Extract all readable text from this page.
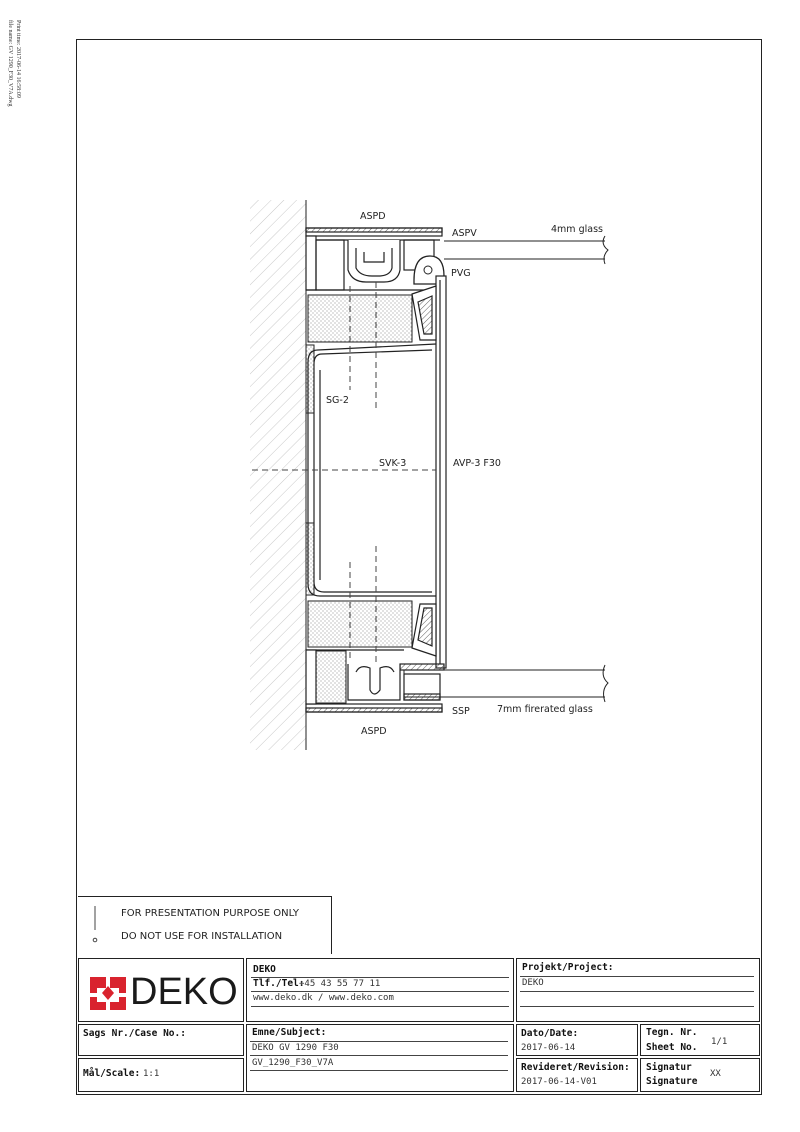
Print time: 2017-06-14 16:58:09
file name: GV 1290_F30_V7A.dwg
ASPD
ASPV	4mm glass
PVG
SG-2
SVK-3	AVP-3 F30
SSP	7mm firerated glass
ASPD
FOR PRESENTATION PURPOSE ONLY
DO NOT USE FOR INSTALLATION
DEKO
DEKO
Tlf./Tel:
+45 43 55 77 11
www.deko.dk / www.deko.com
Projekt/Project:
DEKO
Sags Nr./Case No.:
Mål/Scale: 1:1
Emne/Subject:
DEKO GV 1290 F30
GV_1290_F30_V7A
Dato/Date:
2017-06-14
Tegn. Nr.
Sheet No. 1/1
Revideret/Revision:
2017-06-14-V01
Signatur
Signature
XX
